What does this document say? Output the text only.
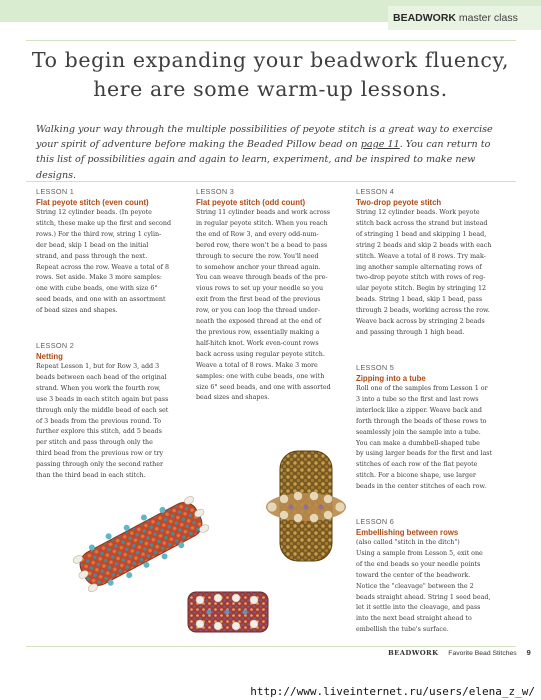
BEADWORK master class
To begin expanding your beadwork fluency,
here are some warm-up lessons.
Walking your way through the multiple possibilities of peyote stitch is a great way to exercise your spirit of adventure before making the Beaded Pillow bead on page 11. You can return to this list of possibilities again and again to learn, experiment, and be inspired to make new designs.
LESSON 1
Flat peyote stitch (even count)
String 12 cylinder beads. (In peyote
stitch, these make up the first and second
rows.) For the third row, string 1 cylin-
der bead, skip 1 bead on the initial
strand, and pass through the next.
Repeat across the row. Weave a total of 8
rows. Set aside. Make 3 more samples:
one with cube beads, one with size 6°
seed beads, and one with an assortment
of bead sizes and shapes.
LESSON 2
Netting
Repeat Lesson 1, but for Row 3, add 3
beads between each bead of the original
strand. When you work the fourth row,
use 3 beads in each stitch again but pass
through only the middle bead of each set
of 3 beads from the previous round. To
further explore this stitch, add 5 beads
per stitch and pass through only the
third bead from the previous row or try
passing through only the second rather
than the third bead in each stitch.
LESSON 3
Flat peyote stitch (odd count)
String 11 cylinder beads and work across
in regular peyote stitch. When you reach
the end of Row 3, and every odd-num-
bered row, there won't be a bead to pass
through to secure the row. You'll need
to somehow anchor your thread again.
You can weave through beads of the pre-
vious rows to set up your needle so you
exit from the first bead of the previous
row, or you can loop the thread under-
neath the exposed thread at the end of
the previous row, essentially making a
half-hitch knot. Work even-count rows
back across using regular peyote stitch.
Weave a total of 8 rows. Make 3 more
samples: one with cube beads, one with
size 6° seed beads, and one with assorted
bead sizes and shapes.
LESSON 4
Two-drop peyote stitch
String 12 cylinder beads. Work peyote
stitch back across the strand but instead
of stringing 1 bead and skipping 1 bead,
string 2 beads and skip 2 beads with each
stitch. Weave a total of 8 rows. Try mak-
ing another sample alternating rows of
two-drop peyote stitch with rows of reg-
ular peyote stitch. Begin by stringing 12
beads. String 1 bead, skip 1 bead, pass
through 2 beads, working across the row.
Weave back across by stringing 2 beads
and passing through 1 high bead.
LESSON 5
Zipping into a tube
Roll one of the samples from Lesson 1 or
3 into a tube so the first and last rows
interlock like a zipper. Weave back and
forth through the beads of these rows to
seamlessly join the sample into a tube.
You can make a dumbbell-shaped tube
by using larger beads for the first and last
stitches of each row of the flat peyote
stitch. For a bicone shape, use larger
beads in the center stitches of each row.
LESSON 6
Embellishing between rows
(also called "stitch in the ditch")
Using a sample from Lesson 5, exit one
of the end beads so your needle points
toward the center of the beadwork.
Notice the "cleavage" between the 2
beads straight ahead. String 1 seed bead,
let it settle into the cleavage, and pass
into the next bead straight ahead to
embellish the tube's surface.
BEADWORK Favorite Bead Stitches 9
http://www.liveinternet.ru/users/elena_z_w/
